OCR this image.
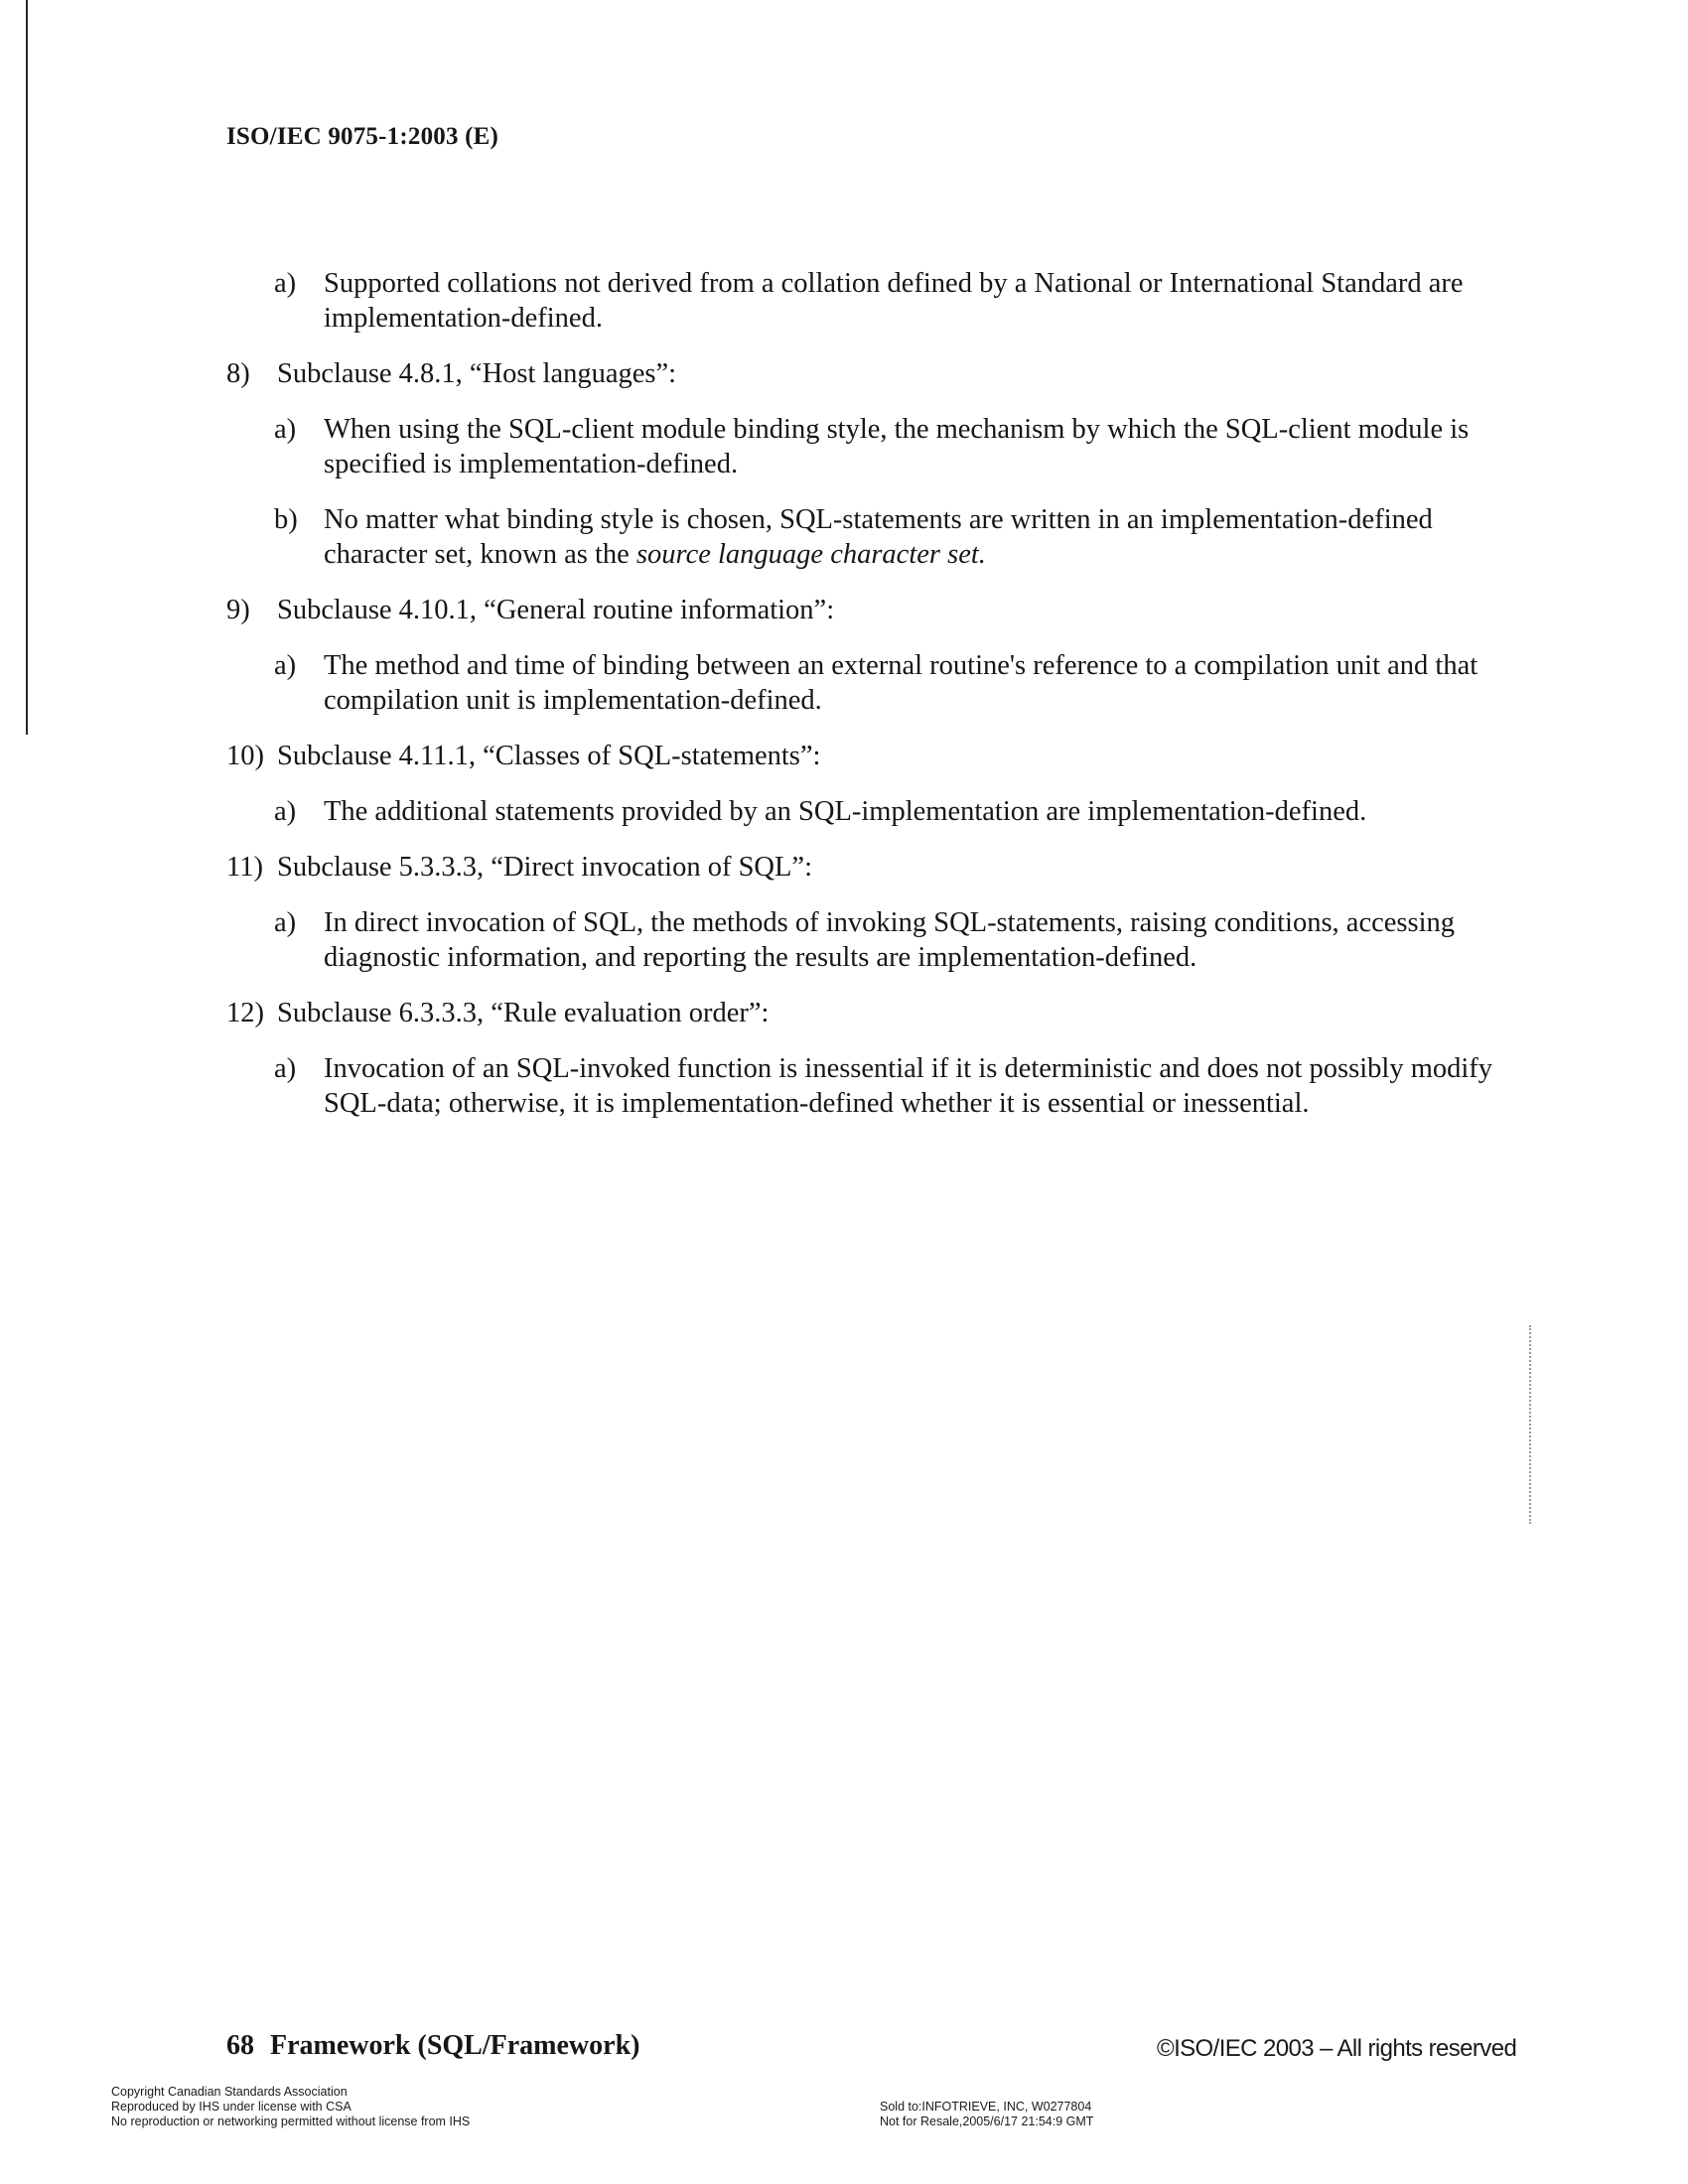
ISO/IEC 9075-1:2003 (E)
a) Supported collations not derived from a collation defined by a National or International Standard are implementation-defined.
8) Subclause 4.8.1, “Host languages”:
a) When using the SQL-client module binding style, the mechanism by which the SQL-client module is specified is implementation-defined.
b) No matter what binding style is chosen, SQL-statements are written in an implementation-defined character set, known as the source language character set.
9) Subclause 4.10.1, “General routine information”:
a) The method and time of binding between an external routine's reference to a compilation unit and that compilation unit is implementation-defined.
10) Subclause 4.11.1, “Classes of SQL-statements”:
a) The additional statements provided by an SQL-implementation are implementation-defined.
11) Subclause 5.3.3.3, “Direct invocation of SQL”:
a) In direct invocation of SQL, the methods of invoking SQL-statements, raising conditions, accessing diagnostic information, and reporting the results are implementation-defined.
12) Subclause 6.3.3.3, “Rule evaluation order”:
a) Invocation of an SQL-invoked function is inessential if it is deterministic and does not possibly modify SQL-data; otherwise, it is implementation-defined whether it is essential or inessential.
68 Framework (SQL/Framework)	©ISO/IEC 2003 – All rights reserved
Copyright Canadian Standards Association
Reproduced by IHS under license with CSA
No reproduction or networking permitted without license from IHS
Sold to:INFOTRIEVE, INC, W0277804
Not for Resale,2005/6/17 21:54:9 GMT
